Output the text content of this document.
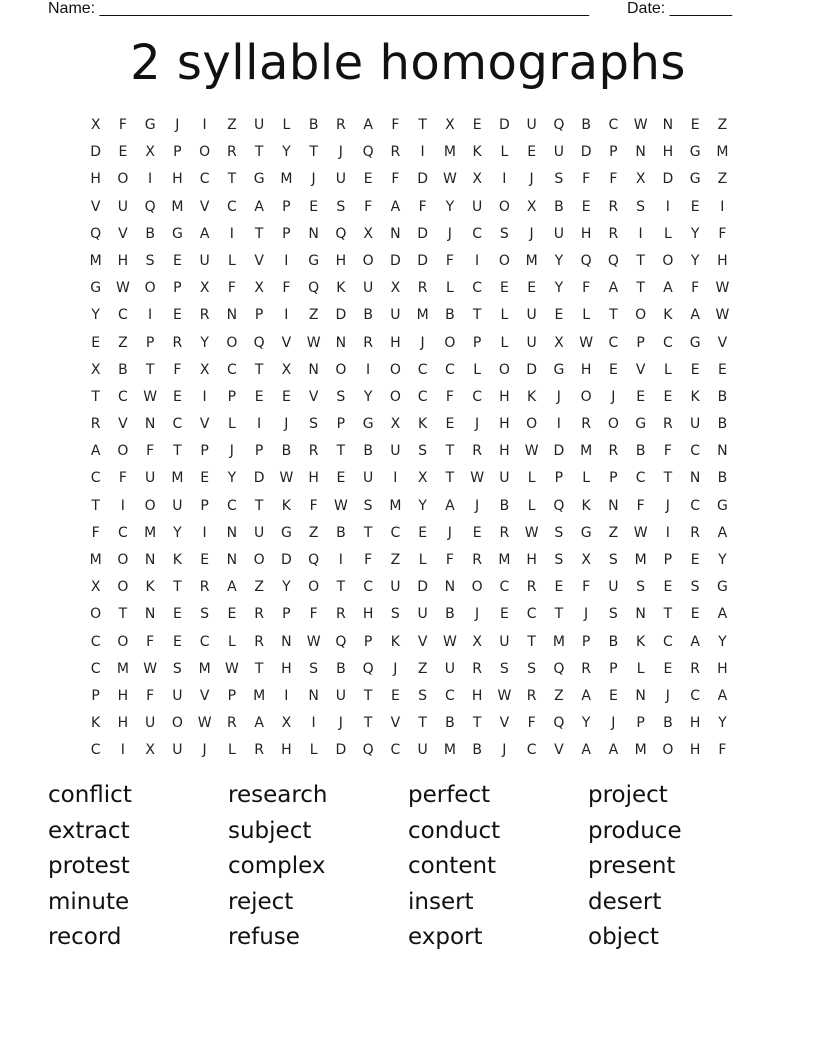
Name: _______________________________________________________ Date: _______
2 syllable homographs
X	F	G	J	I	Z	U	L	B	R	A	F	T	X	E	D	U	Q	B	C	W	N	E	Z
D	E	X	P	O	R	T	Y	T	J	Q	R	I	M	K	L	E	U	D	P	N	H	G	M
H	O	I	H	C	T	G	M	J	U	E	F	D	W	X	I	J	S	F	F	X	D	G	Z
V	U	Q	M	V	C	A	P	E	S	F	A	F	Y	U	O	X	B	E	R	S	I	E	I
Q	V	B	G	A	I	T	P	N	Q	X	N	D	J	C	S	J	U	H	R	I	L	Y	F
M	H	S	E	U	L	V	I	G	H	O	D	D	F	I	O	M	Y	Q	Q	T	O	Y	H
G	W	O	P	X	F	X	F	Q	K	U	X	R	L	C	E	E	Y	F	A	T	A	F	W
Y	C	I	E	R	N	P	I	Z	D	B	U	M	B	T	L	U	E	L	T	O	K	A	W
E	Z	P	R	Y	O	Q	V	W	N	R	H	J	O	P	L	U	X	W	C	P	C	G	V
X	B	T	F	X	C	T	X	N	O	I	O	C	C	L	O	D	G	H	E	V	L	E	E
T	C	W	E	I	P	E	E	V	S	Y	O	C	F	C	H	K	J	O	J	E	E	K	B
R	V	N	C	V	L	I	J	S	P	G	X	K	E	J	H	O	I	R	O	G	R	U	B
A	O	F	T	P	J	P	B	R	T	B	U	S	T	R	H	W	D	M	R	B	F	C	N
C	F	U	M	E	Y	D	W	H	E	U	I	X	T	W	U	L	P	L	P	C	T	N	B
T	I	O	U	P	C	T	K	F	W	S	M	Y	A	J	B	L	Q	K	N	F	J	C	G
F	C	M	Y	I	N	U	G	Z	B	T	C	E	J	E	R	W	S	G	Z	W	I	R	A
M	O	N	K	E	N	O	D	Q	I	F	Z	L	F	R	M	H	S	X	S	M	P	E	Y
X	O	K	T	R	A	Z	Y	O	T	C	U	D	N	O	C	R	E	F	U	S	E	S	G
O	T	N	E	S	E	R	P	F	R	H	S	U	B	J	E	C	T	J	S	N	T	E	A
C	O	F	E	C	L	R	N	W	Q	P	K	V	W	X	U	T	M	P	B	K	C	A	Y
C	M	W	S	M	W	T	H	S	B	Q	J	Z	U	R	S	S	Q	R	P	L	E	R	H
P	H	F	U	V	P	M	I	N	U	T	E	S	C	H	W	R	Z	A	E	N	J	C	A
K	H	U	O	W	R	A	X	I	J	T	V	T	B	T	V	F	Q	Y	J	P	B	H	Y
C	I	X	U	J	L	R	H	L	D	Q	C	U	M	B	J	C	V	A	A	M	O	H	F
conflict	research	perfect	project
extract	subject	conduct	produce
protest	complex	content	present
minute	reject	insert	desert
record	refuse	export	object
